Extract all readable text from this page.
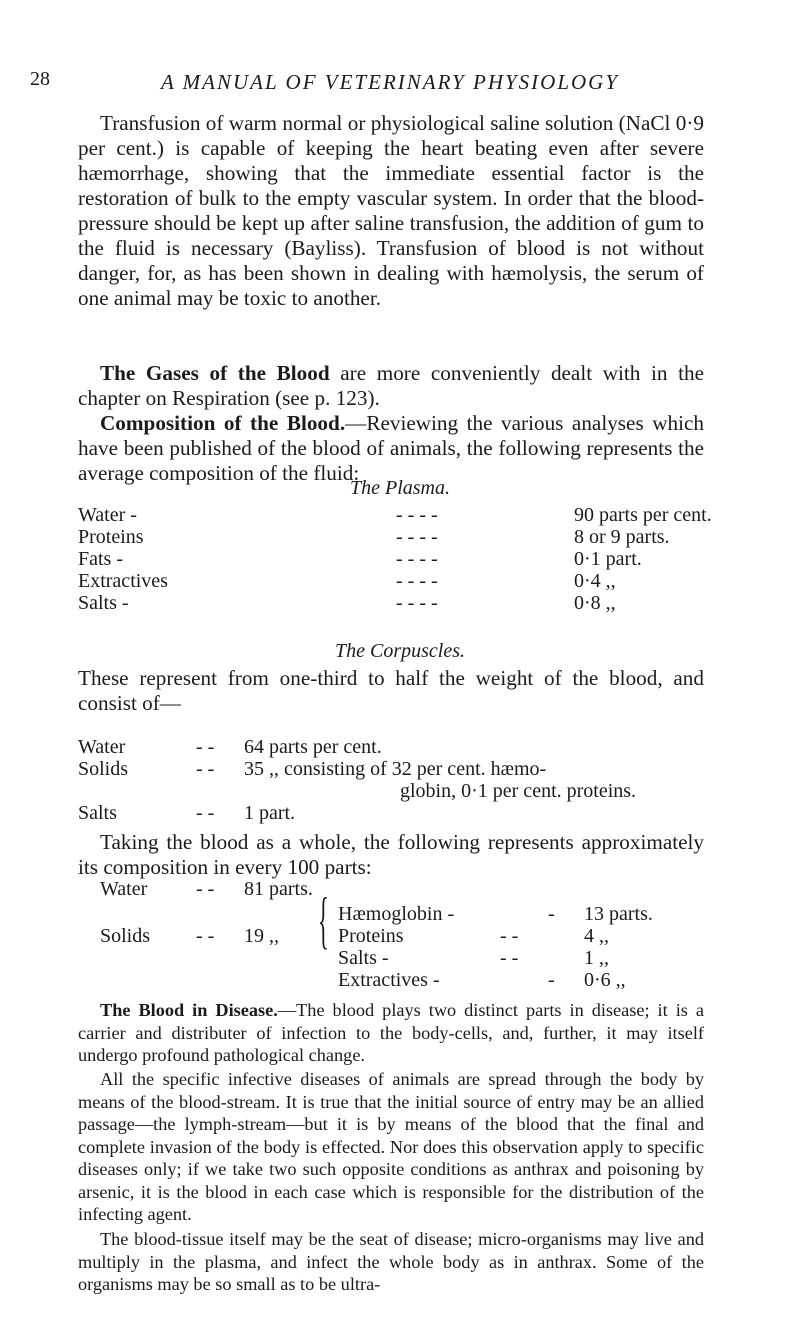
28	A MANUAL OF VETERINARY PHYSIOLOGY
Transfusion of warm normal or physiological saline solution (NaCl 0·9 per cent.) is capable of keeping the heart beating even after severe hæmorrhage, showing that the immediate essential factor is the restoration of bulk to the empty vascular system. In order that the blood-pressure should be kept up after saline transfusion, the addition of gum to the fluid is necessary (Bayliss). Transfusion of blood is not without danger, for, as has been shown in dealing with hæmolysis, the serum of one animal may be toxic to another.
The Gases of the Blood are more conveniently dealt with in the chapter on Respiration (see p. 123).
Composition of the Blood.—Reviewing the various analyses which have been published of the blood of animals, the following represents the average composition of the fluid:
The Plasma.
Water -	- - - -	90 parts per cent.
Proteins	- - - -	8 or 9 parts.
Fats -	- - - -	0·1 part.
Extractives	- - - -	0·4 ,,
Salts -	- - - -	0·8 ,,
The Corpuscles.
These represent from one-third to half the weight of the blood, and consist of—
Water	- - 64 parts per cent.
Solids	- - 35 ,, consisting of 32 per cent. hæmo-
globin, 0·1 per cent. proteins.
Salts	- - 1 part.
Taking the blood as a whole, the following represents approximately its composition in every 100 parts:
Water - - 81 parts.
Solids - - 19 ,, { Hæmoglobin -	- 13 parts.
Proteins	- -	4 ,,
Salts -	- -	1 ,,
Extractives -	- 0·6 ,,
The Blood in Disease.—The blood plays two distinct parts in disease; it is a carrier and distributer of infection to the body-cells, and, further, it may itself undergo profound pathological change.
All the specific infective diseases of animals are spread through the body by means of the blood-stream. It is true that the initial source of entry may be an allied passage—the lymph-stream—but it is by means of the blood that the final and complete invasion of the body is effected. Nor does this observation apply to specific diseases only; if we take two such opposite conditions as anthrax and poisoning by arsenic, it is the blood in each case which is responsible for the distribution of the infecting agent.
The blood-tissue itself may be the seat of disease; micro-organisms may live and multiply in the plasma, and infect the whole body as in anthrax. Some of the organisms may be so small as to be ultra-
